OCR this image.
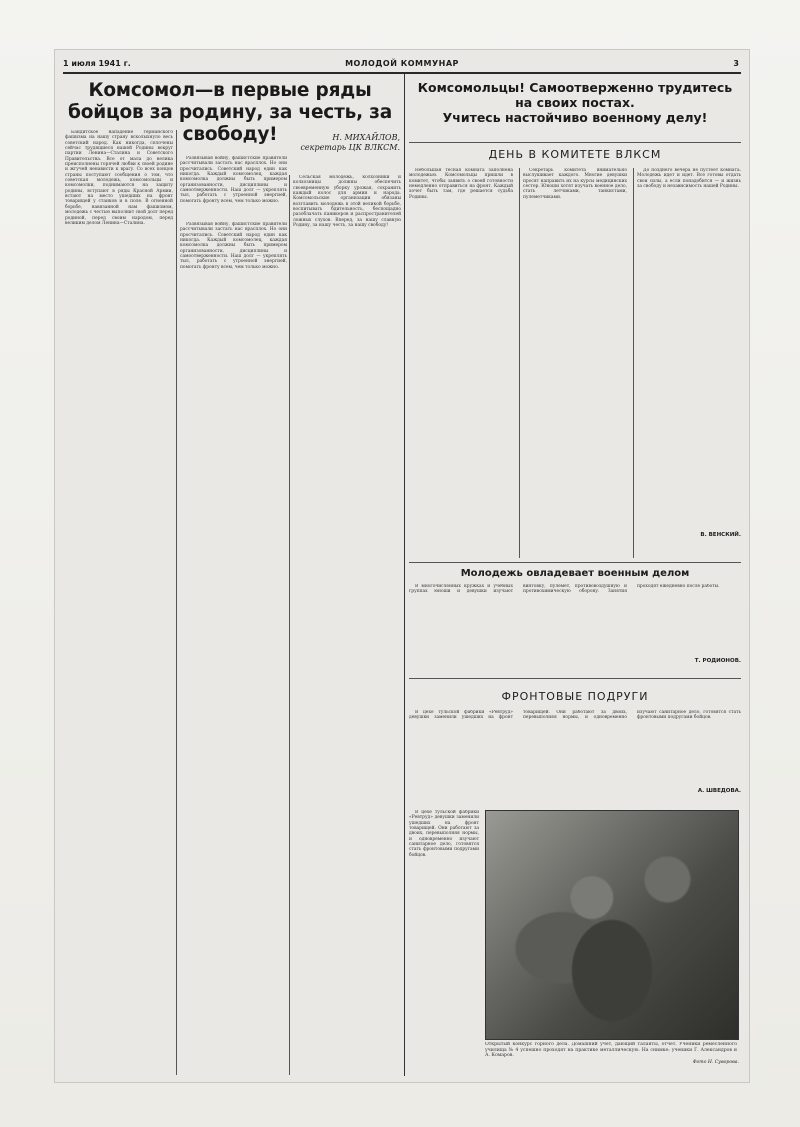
1 июля 1941 г.	МОЛОДОЙ КОММУНАР	3
Комсомол—в первые ряды бойцов за родину, за честь, за свободу!	Н. МИХАЙЛОВ,
секретарь ЦК ВЛКСМ.

Бандитское нападение германского фашизма на нашу страну всколыхнуло весь советский народ. Как никогда, сплочены сейчас трудящиеся нашей Родины вокруг партии Ленина—Сталина и Советского Правительства. Все от мала до велика преисполнены горячей любви к своей родине и жгучей ненависти к врагу. Со всех концов страны поступают сообщения о том, что советская молодежь, комсомольцы и комсомолки, поднимаются на защиту родины, вступают в ряды Красной Армии, встают на место ушедших на фронт товарищей у станков и в поле. В огненной борьбе, навязанной нам фашизмом, молодежь с честью выполнит свой долг перед родиной, перед своим народом, перед великим делом Ленина—Сталина.

Развязывая войну, фашистские правители рассчитывали застать нас врасплох. Но они просчитались. Советский народ един как никогда. Каждый комсомолец, каждая комсомолка должны быть примером организованности, дисциплины и самоотверженности. Наш долг — укреплять тыл, работать с утроенной энергией, помогать фронту всем, чем только можно.

Развязывая войну, фашистские правители рассчитывали застать нас врасплох. Но они просчитались. Советский народ един как никогда. Каждый комсомолец, каждая комсомолка должны быть примером организованности, дисциплины и самоотверженности. Наш долг — укреплять тыл, работать с утроенной энергией, помогать фронту всем, чем только можно.

Сельская молодежь, колхозники и колхозницы должны обеспечить своевременную уборку урожая, сохранить каждый колос для армии и народа. Комсомольские организации обязаны возглавить молодежь в этой великой борьбе, воспитывать бдительность, беспощадно разоблачать паникеров и распространителей ложных слухов. Вперед, за нашу славную Родину, за нашу честь, за нашу свободу!

Комсомольцы! Самоотверженно трудитесь
на своих постах.
Учитесь настойчиво военному делу!
ДЕНЬ В КОМИТЕТЕ ВЛКСМ

Небольшая тесная комната заполнена молодежью. Комсомольцы пришли в комитет, чтобы заявить о своей готовности немедленно отправиться на фронт. Каждый хочет быть там, где решается судьба Родины.

Секретарь комитета внимательно выслушивает каждого. Многие девушки просят направить их на курсы медицинских сестер. Юноши хотят изучать военное дело, стать летчиками, танкистами, пулеметчиками.

До позднего вечера не пустеет комната. Молодежь идет и идет. Все готовы отдать свои силы, а если понадобится — и жизнь за свободу и независимость нашей Родины.

В. ВЕНСКИЙ.
Молодежь овладевает военным делом

В многочисленных кружках и учебных группах юноши и девушки изучают винтовку, пулемет, противовоздушную и противохимическую оборону. Занятия проходят ежедневно после работы.

Т. РОДИОНОВ.
ФРОНТОВЫЕ ПОДРУГИ

В цехе тульской фабрики «Ревтруд» девушки заменили ушедших на фронт товарищей. Они работают за двоих, перевыполняя нормы, и одновременно изучают санитарное дело, готовятся стать фронтовыми подругами бойцов.

А. ШВЕДОВА.

В цехе тульской фабрики «Ревтруд» девушки заменили ушедших на фронт товарищей. Они работают за двоих, перевыполняя нормы, и одновременно изучают санитарное дело, готовятся стать фронтовыми подругами бойцов.

Открытый конкурс горного дела. Домашний учет, дающий таланты, отчет. Ученики ремесленного училища № 4 успешно проходят на практике металлическую. На снимке: ученики Г. Александров и А. Комаров.
Фото Н. Суворова.
